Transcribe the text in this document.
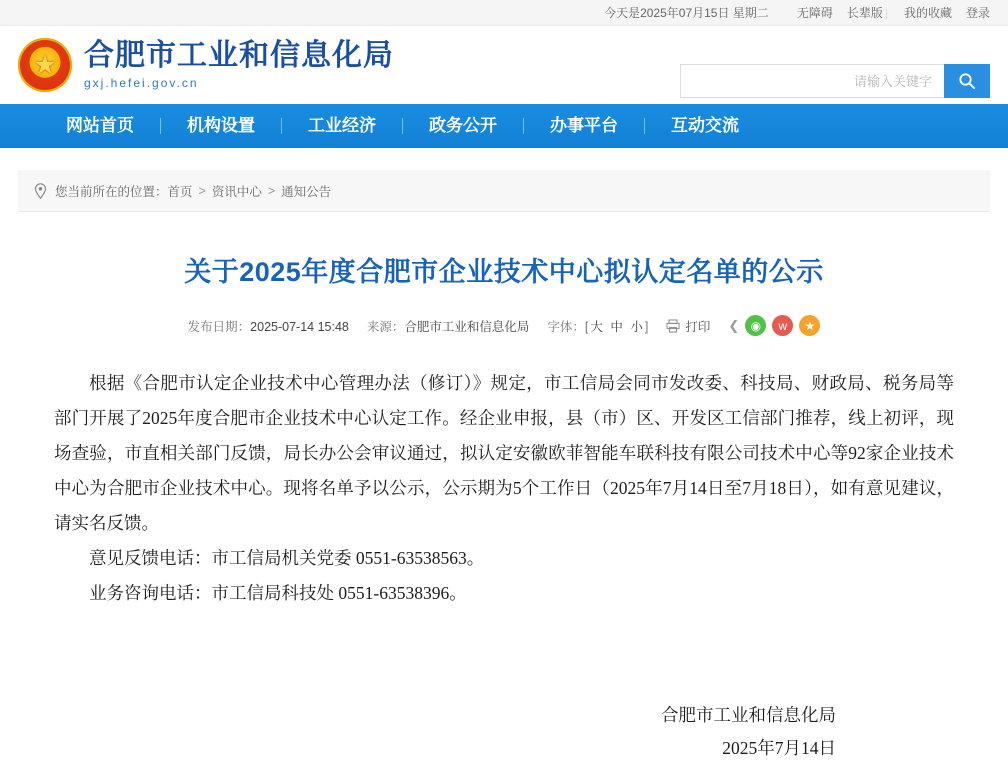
今天是2025年07月15日 星期二 无障碍 长辈版 | 我的收藏 登录
★
合肥市工业和信息化局
gxj.hefei.gov.cn
请输入关键字
网站首页	机构设置	工业经济	政务公开	办事平台	互动交流
您当前所在的位置： 首页 > 资讯中心 > 通知公告
关于2025年度合肥市企业技术中心拟认定名单的公示
发布日期：2025-07-14 15:48 来源：合肥市工业和信息化局 字体：[ 大 中 小 ]	打印 ❮ ◉	w	★

根据《合肥市认定企业技术中心管理办法（修订）》规定，市工信局会同市发改委、科技局、财政局、税务局等部门开展了2025年度合肥市企业技术中心认定工作。经企业申报，县（市）区、开发区工信部门推荐，线上初评，现场查验，市直相关部门反馈，局长办公会审议通过，拟认定安徽欧菲智能车联科技有限公司技术中心等92家企业技术中心为合肥市企业技术中心。现将名单予以公示，公示期为5个工作日（2025年7月14日至7月18日），如有意见建议，请实名反馈。

意见反馈电话：市工信局机关党委 0551-63538563。

业务咨询电话：市工信局科技处 0551-63538396。

合肥市工业和信息化局
2025年7月14日
